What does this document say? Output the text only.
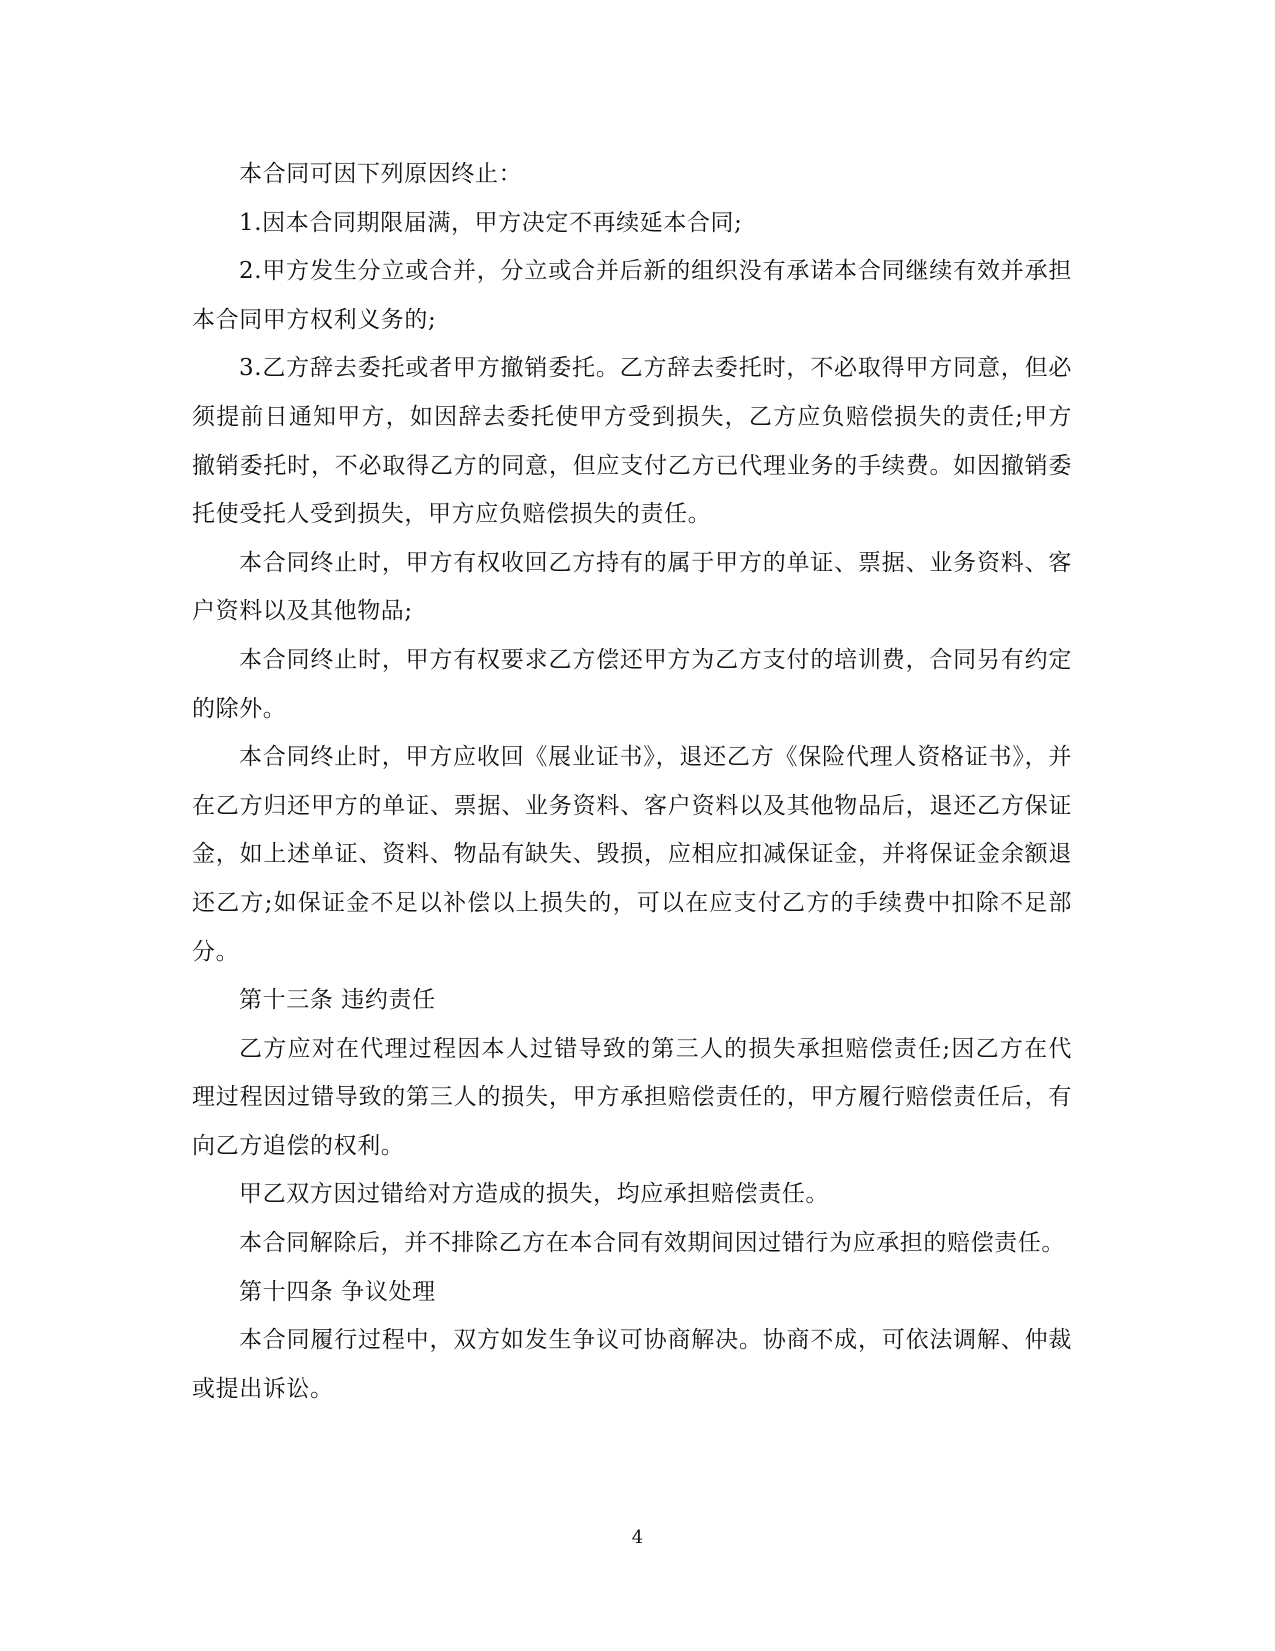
本合同可因下列原因终止：

1.因本合同期限届满，甲方决定不再续延本合同;

2.甲方发生分立或合并，分立或合并后新的组织没有承诺本合同继续有效并承担本合同甲方权利义务的;

3.乙方辞去委托或者甲方撤销委托。乙方辞去委托时，不必取得甲方同意，但必须提前日通知甲方，如因辞去委托使甲方受到损失，乙方应负赔偿损失的责任;甲方撤销委托时，不必取得乙方的同意，但应支付乙方已代理业务的手续费。如因撤销委托使受托人受到损失，甲方应负赔偿损失的责任。

本合同终止时，甲方有权收回乙方持有的属于甲方的单证、票据、业务资料、客户资料以及其他物品;

本合同终止时，甲方有权要求乙方偿还甲方为乙方支付的培训费，合同另有约定的除外。

本合同终止时，甲方应收回《展业证书》，退还乙方《保险代理人资格证书》，并在乙方归还甲方的单证、票据、业务资料、客户资料以及其他物品后，退还乙方保证金，如上述单证、资料、物品有缺失、毁损，应相应扣减保证金，并将保证金余额退还乙方;如保证金不足以补偿以上损失的，可以在应支付乙方的手续费中扣除不足部分。

第十三条 违约责任

乙方应对在代理过程因本人过错导致的第三人的损失承担赔偿责任;因乙方在代理过程因过错导致的第三人的损失，甲方承担赔偿责任的，甲方履行赔偿责任后，有向乙方追偿的权利。

甲乙双方因过错给对方造成的损失，均应承担赔偿责任。

本合同解除后，并不排除乙方在本合同有效期间因过错行为应承担的赔偿责任。

第十四条 争议处理

本合同履行过程中，双方如发生争议可协商解决。协商不成，可依法调解、仲裁或提出诉讼。

4
